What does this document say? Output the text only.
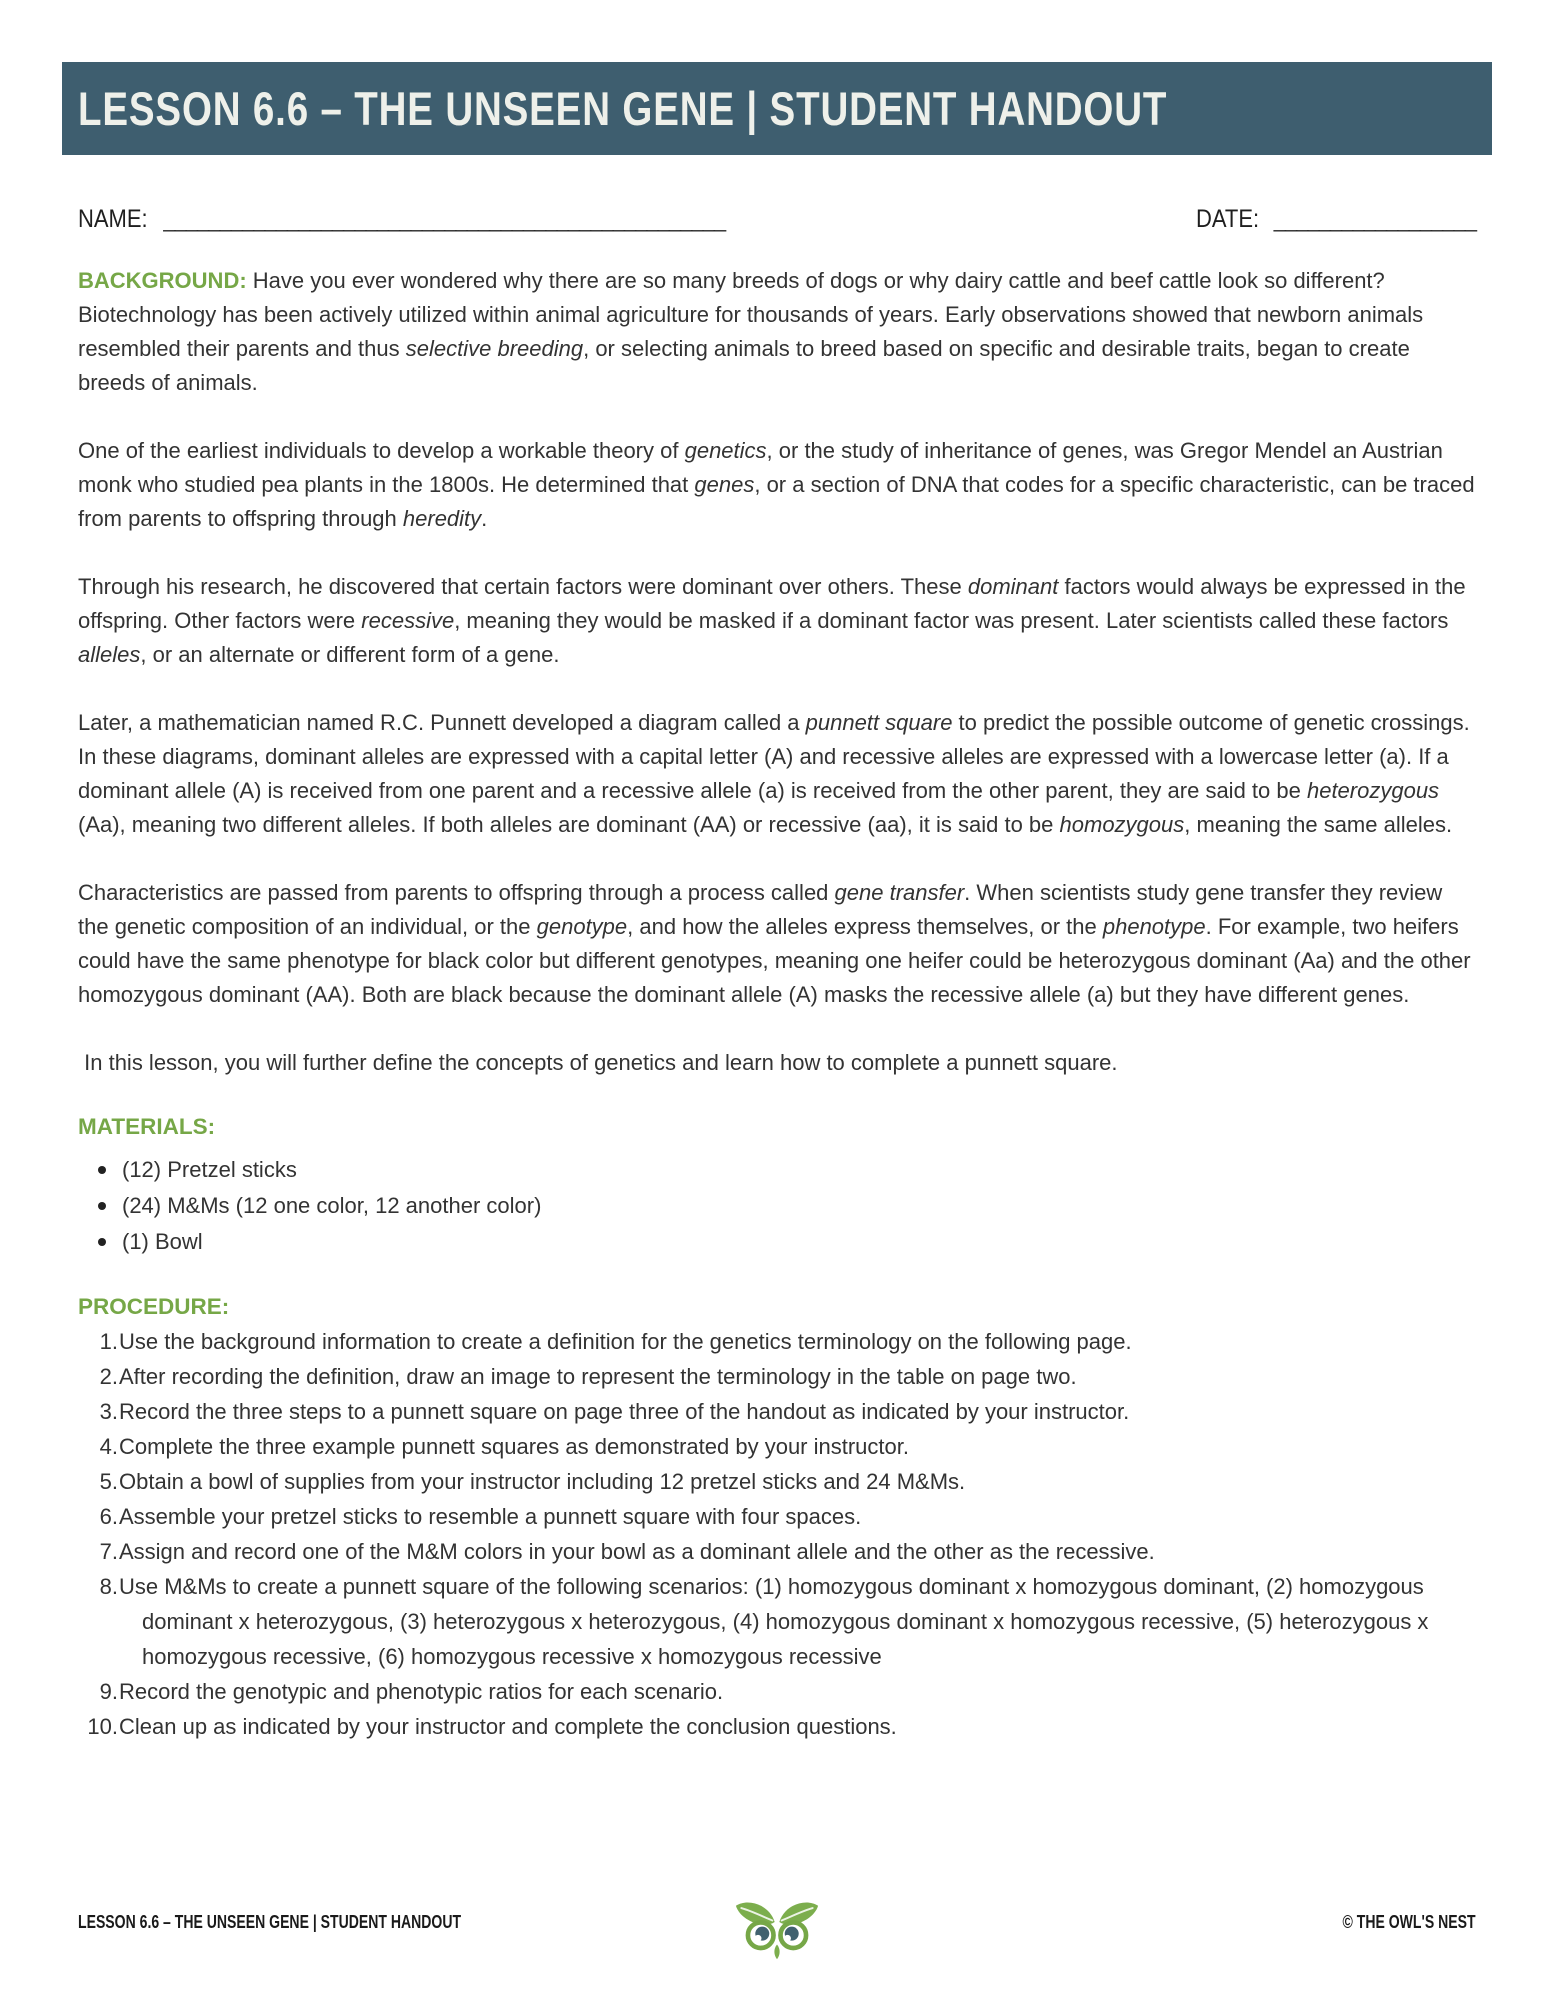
LESSON 6.6 – THE UNSEEN GENE | STUDENT HANDOUT
NAME: __________________________________________________	DATE: __________________

BACKGROUND: Have you ever wondered why there are so many breeds of dogs or why dairy cattle and beef cattle look so different? Biotechnology has been actively utilized within animal agriculture for thousands of years. Early observations showed that newborn animals resembled their parents and thus selective breeding, or selecting animals to breed based on specific and desirable traits, began to create breeds of animals.

One of the earliest individuals to develop a workable theory of genetics, or the study of inheritance of genes, was Gregor Mendel an Austrian monk who studied pea plants in the 1800s. He determined that genes, or a section of DNA that codes for a specific characteristic, can be traced from parents to offspring through heredity.

Through his research, he discovered that certain factors were dominant over others. These dominant factors would always be expressed in the offspring. Other factors were recessive, meaning they would be masked if a dominant factor was present. Later scientists called these factors alleles, or an alternate or different form of a gene.

Later, a mathematician named R.C. Punnett developed a diagram called a punnett square to predict the possible outcome of genetic crossings. In these diagrams, dominant alleles are expressed with a capital letter (A) and recessive alleles are expressed with a lowercase letter (a). If a dominant allele (A) is received from one parent and a recessive allele (a) is received from the other parent, they are said to be heterozygous (Aa), meaning two different alleles. If both alleles are dominant (AA) or recessive (aa), it is said to be homozygous, meaning the same alleles.

Characteristics are passed from parents to offspring through a process called gene transfer. When scientists study gene transfer they review the genetic composition of an individual, or the genotype, and how the alleles express themselves, or the phenotype. For example, two heifers could have the same phenotype for black color but different genotypes, meaning one heifer could be heterozygous dominant (Aa) and the other homozygous dominant (AA). Both are black because the dominant allele (A) masks the recessive allele (a) but they have different genes.

In this lesson, you will further define the concepts of genetics and learn how to complete a punnett square.

MATERIALS:
(12) Pretzel sticks
(24) M&Ms (12 one color, 12 another color)
(1) Bowl
PROCEDURE:
1.Use the background information to create a definition for the genetics terminology on the following page.
2.After recording the definition, draw an image to represent the terminology in the table on page two.
3.Record the three steps to a punnett square on page three of the handout as indicated by your instructor.
4.Complete the three example punnett squares as demonstrated by your instructor.
5.Obtain a bowl of supplies from your instructor including 12 pretzel sticks and 24 M&Ms.
6.Assemble your pretzel sticks to resemble a punnett square with four spaces.
7.Assign and record one of the M&M colors in your bowl as a dominant allele and the other as the recessive.
8.Use M&Ms to create a punnett square of the following scenarios: (1) homozygous dominant x homozygous dominant, (2) homozygous dominant x heterozygous, (3) heterozygous x heterozygous, (4) homozygous dominant x homozygous recessive, (5) heterozygous x homozygous recessive, (6) homozygous recessive x homozygous recessive
9.Record the genotypic and phenotypic ratios for each scenario.
10.Clean up as indicated by your instructor and complete the conclusion questions.
LESSON 6.6 – THE UNSEEN GENE | STUDENT HANDOUT	© THE OWL'S NEST
